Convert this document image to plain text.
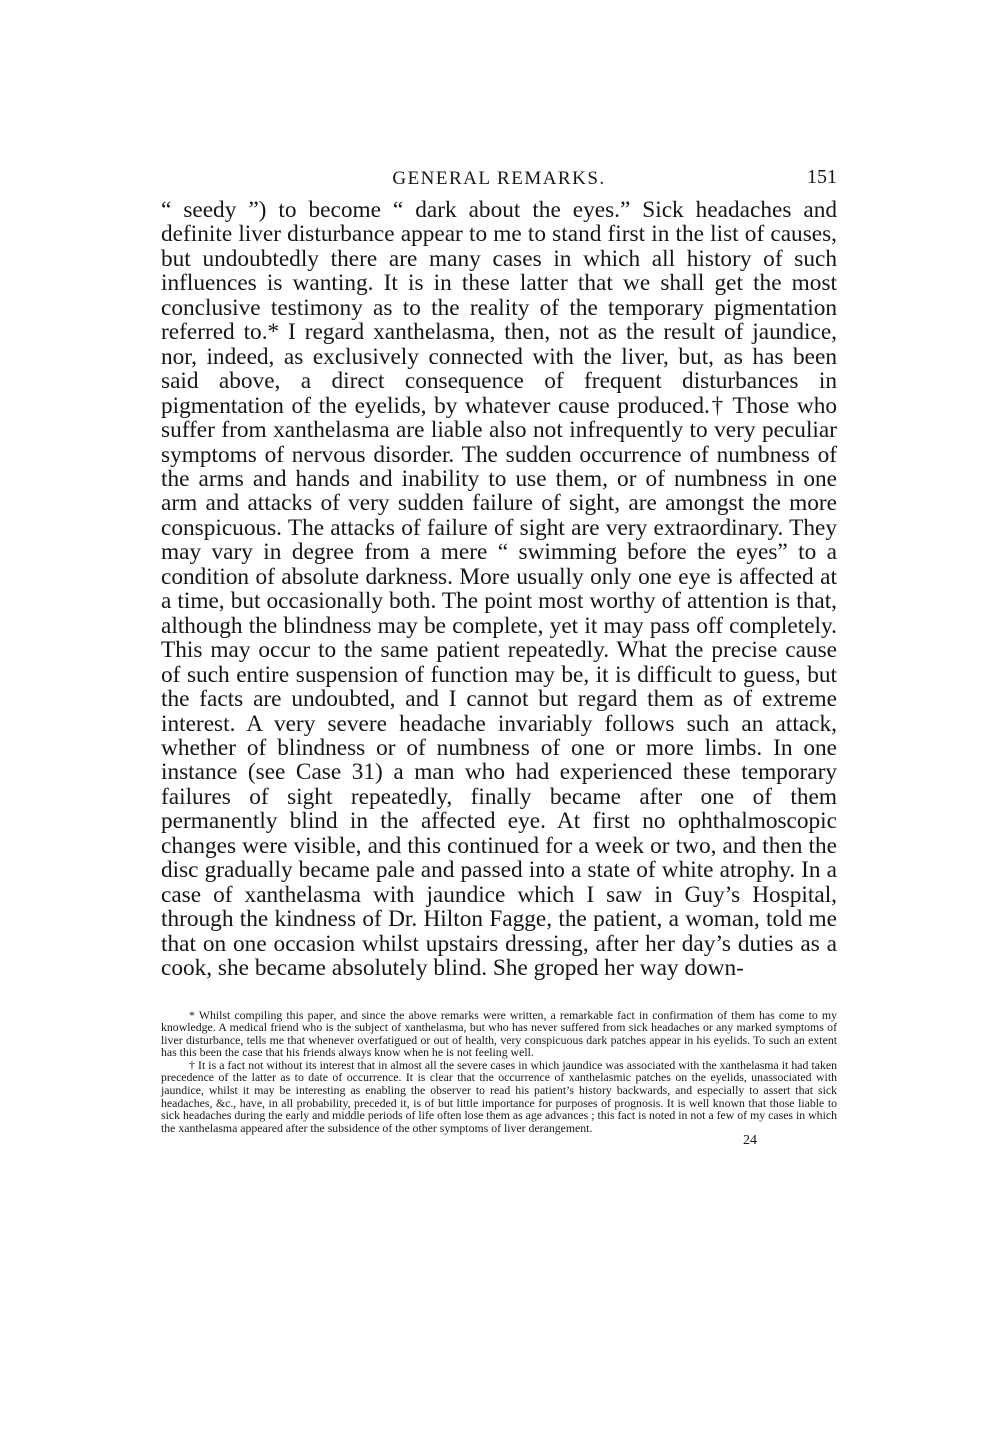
GENERAL REMARKS.	151

“ seedy ”) to become “ dark about the eyes.” Sick headaches and definite liver disturbance appear to me to stand first in the list of causes, but undoubtedly there are many cases in which all history of such influences is wanting. It is in these latter that we shall get the most conclusive testimony as to the reality of the temporary pigmentation referred to.* I regard xanthelasma, then, not as the result of jaundice, nor, indeed, as exclusively connected with the liver, but, as has been said above, a direct consequence of frequent disturbances in pigmentation of the eyelids, by whatever cause produced.† Those who suffer from xanthelasma are liable also not infrequently to very peculiar symptoms of nervous disorder. The sudden occurrence of numbness of the arms and hands and inability to use them, or of numbness in one arm and attacks of very sudden failure of sight, are amongst the more conspicuous. The attacks of failure of sight are very extraordinary. They may vary in degree from a mere “ swimming before the eyes” to a condition of absolute darkness. More usually only one eye is affected at a time, but occasionally both. The point most worthy of attention is that, although the blindness may be complete, yet it may pass off completely. This may occur to the same patient repeatedly. What the precise cause of such entire suspension of function may be, it is difficult to guess, but the facts are undoubted, and I cannot but regard them as of extreme interest. A very severe headache invariably follows such an attack, whether of blindness or of numbness of one or more limbs. In one instance (see Case 31) a man who had experienced these temporary failures of sight repeatedly, finally became after one of them permanently blind in the affected eye. At first no ophthalmoscopic changes were visible, and this continued for a week or two, and then the disc gradually became pale and passed into a state of white atrophy. In a case of xanthelasma with jaundice which I saw in Guy’s Hospital, through the kindness of Dr. Hilton Fagge, the patient, a woman, told me that on one occasion whilst upstairs dressing, after her day’s duties as a cook, she became absolutely blind. She groped her way down-

* Whilst compiling this paper, and since the above remarks were written, a remarkable fact in confirmation of them has come to my knowledge. A medical friend who is the subject of xanthelasma, but who has never suffered from sick headaches or any marked symptoms of liver disturbance, tells me that whenever overfatigued or out of health, very conspicuous dark patches appear in his eyelids. To such an extent has this been the case that his friends always know when he is not feeling well.

† It is a fact not without its interest that in almost all the severe cases in which jaundice was associated with the xanthelasma it had taken precedence of the latter as to date of occurrence. It is clear that the occurrence of xanthelasmic patches on the eyelids, unassociated with jaundice, whilst it may be interesting as enabling the observer to read his patient’s history backwards, and especially to assert that sick headaches, &c., have, in all probability, preceded it, is of but little importance for purposes of prognosis. It is well known that those liable to sick headaches during the early and middle periods of life often lose them as age advances ; this fact is noted in not a few of my cases in which the xanthelasma appeared after the subsidence of the other symptoms of liver derangement.

24
